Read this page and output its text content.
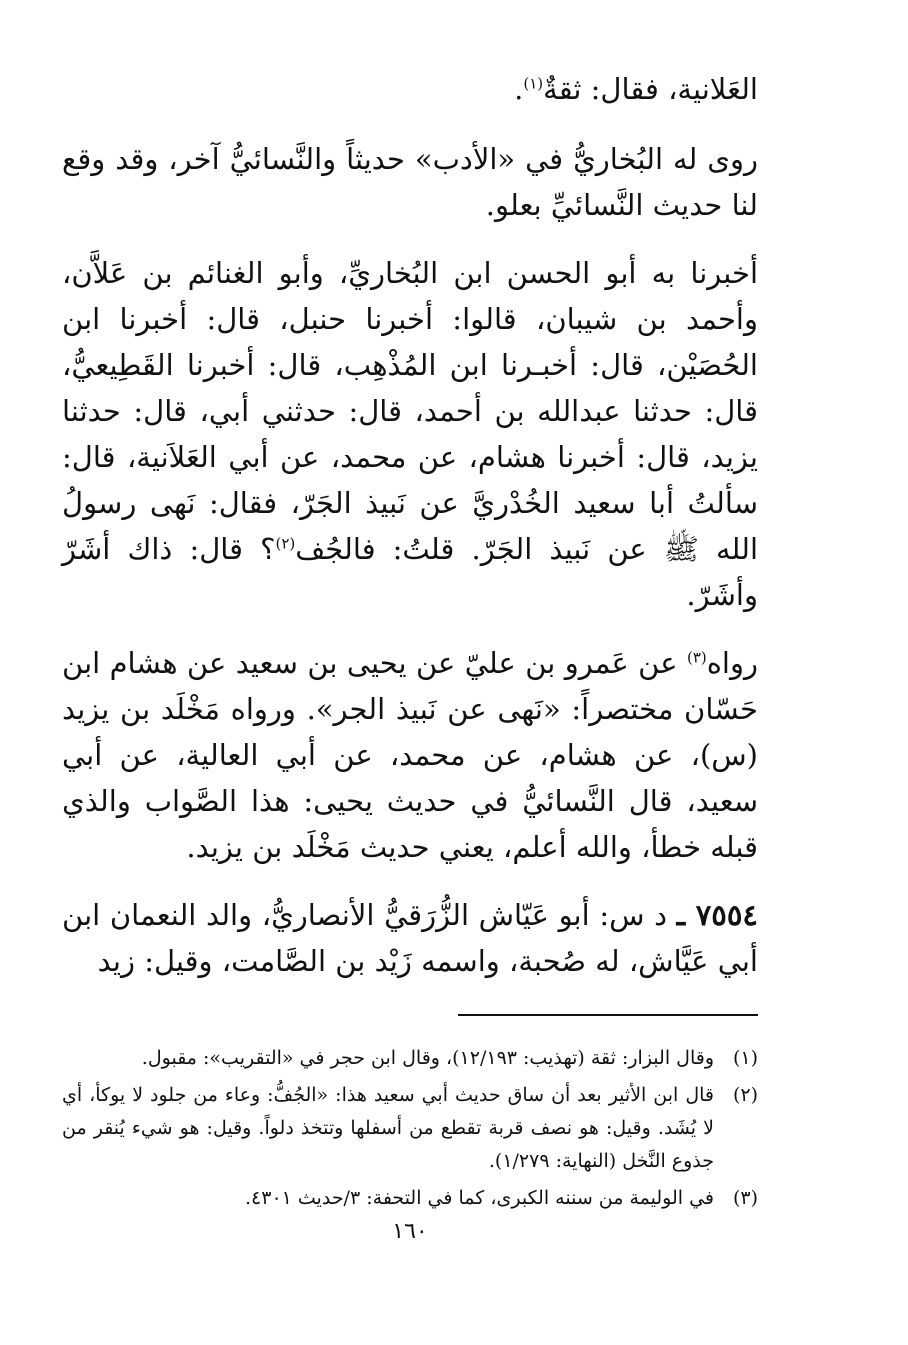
العَلانية، فقال: ثقةٌ$^{(١)}$.

روى له البُخاريُّ في «الأدب» حديثاً والنَّسائيُّ آخر، وقد وقع لنا حديث النَّسائيِّ بعلو.

أخبرنا به أبو الحسن ابن البُخاريِّ، وأبو الغنائم بن عَلاَّن، وأحمد بن شيبان، قالوا: أخبرنا حنبل، قال: أخبرنا ابن الحُصَيْن، قال: أخبـرنا ابن المُذْهِب، قال: أخبرنا القَطِيعيُّ، قال: حدثنا عبدالله بن أحمد، قال: حدثني أبي، قال: حدثنا يزيد، قال: أخبرنا هشام، عن محمد، عن أبي العَلاَنية، قال: سألتُ أبا سعيد الخُدْريَّ عن نَبيذ الجَرّ، فقال: نَهى رسولُ الله ﷺ عن نَبيذ الجَرّ. قلتُ: فالجُف$^{(٢)}$؟ قال: ذاك أشَرّ وأشَرّ.

رواه$^{(٣)}$ عن عَمرو بن عليّ عن يحيى بن سعيد عن هشام ابن حَسّان مختصراً: «نَهى عن نَبيذ الجر». ورواه مَخْلَد بن يزيد (س)، عن هشام، عن محمد، عن أبي العالية، عن أبي سعيد، قال النَّسائيُّ في حديث يحيى: هذا الصَّواب والذي قبله خطأ، والله أعلم، يعني حديث مَخْلَد بن يزيد.

٧٥٥٤ ـ د س: أبو عَيّاش الزُّرَقيُّ الأنصاريُّ، والد النعمان ابن أبي عَيَّاش، له صُحبة، واسمه زَيْد بن الصَّامت، وقيل: زيد

(١)
وقال البزار: ثقة (تهذيب: ١٢/١٩٣)، وقال ابن حجر في «التقريب»: مقبول.
(٢)
قال ابن الأثير بعد أن ساق حديث أبي سعيد هذا: «الجُفُّ: وعاء من جلود لا يوكأ، أي لا يُشَد. وقيل: هو نصف قربة تقطع من أسفلها وتتخذ دلواً. وقيل: هو شيء يُنقر من جذوع النَّخل (النهاية: ١/٢٧٩).
(٣)
في الوليمة من سننه الكبرى، كما في التحفة: ٣/حديث ٤٣٠١.
١٦٠
